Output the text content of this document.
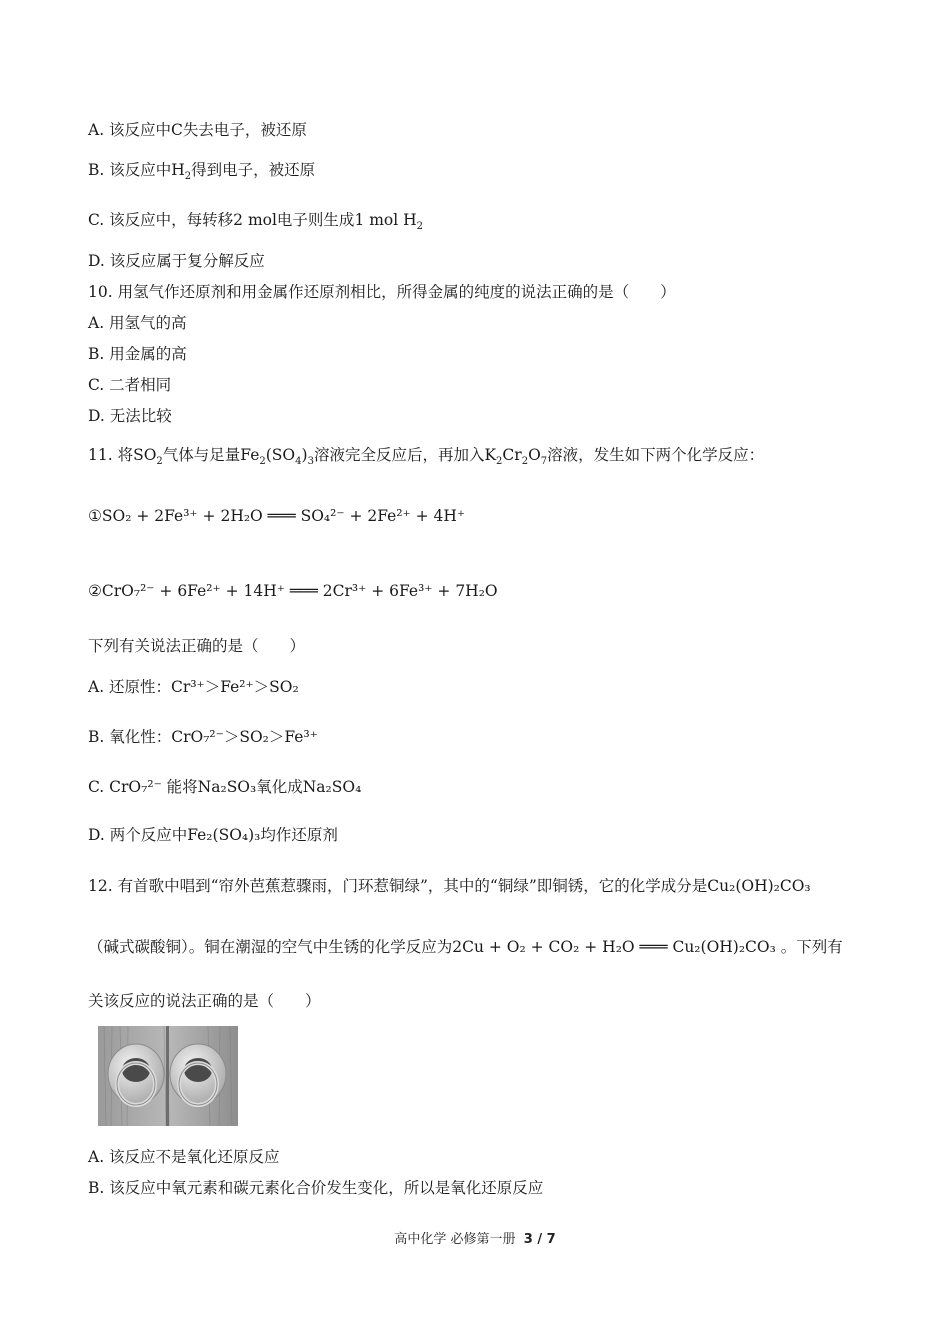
A. 该反应中C失去电子，被还原
B. 该反应中$H_2$得到电子，被还原
C. 该反应中，每转移2 mol电子则生成1 mol $H_2$
D. 该反应属于复分解反应
10. 用氢气作还原剂和用金属作还原剂相比，所得金属的纯度的说法正确的是（　　）
A. 用氢气的高
B. 用金属的高
C. 二者相同
D. 无法比较
11. 将$SO_2$气体与足量$Fe_2(SO_4)_3$溶液完全反应后，再加入$K_2Cr_2O_7$溶液，发生如下两个化学反应：
①SO₂ + 2Fe³⁺ + 2H₂O ═══ SO₄²⁻ + 2Fe²⁺ + 4H⁺
②CrO₇²⁻ + 6Fe²⁺ + 14H⁺ ═══ 2Cr³⁺ + 6Fe³⁺ + 7H₂O
下列有关说法正确的是（　　）
A. 还原性：Cr³⁺＞Fe²⁺＞SO₂
B. 氧化性：CrO₇²⁻＞SO₂＞Fe³⁺
C. CrO₇²⁻ 能将Na₂SO₃氧化成Na₂SO₄
D. 两个反应中Fe₂(SO₄)₃均作还原剂
12. 有首歌中唱到“帘外芭蕉惹骤雨，门环惹铜绿”，其中的“铜绿”即铜锈，它的化学成分是Cu₂(OH)₂CO₃
（碱式碳酸铜）。铜在潮湿的空气中生锈的化学反应为2Cu + O₂ + CO₂ + H₂O ═══ Cu₂(OH)₂CO₃ 。下列有
关该反应的说法正确的是（　　）
A. 该反应不是氧化还原反应
B. 该反应中氧元素和碳元素化合价发生变化，所以是氧化还原反应
高中化学 必修第一册 3 / 7
